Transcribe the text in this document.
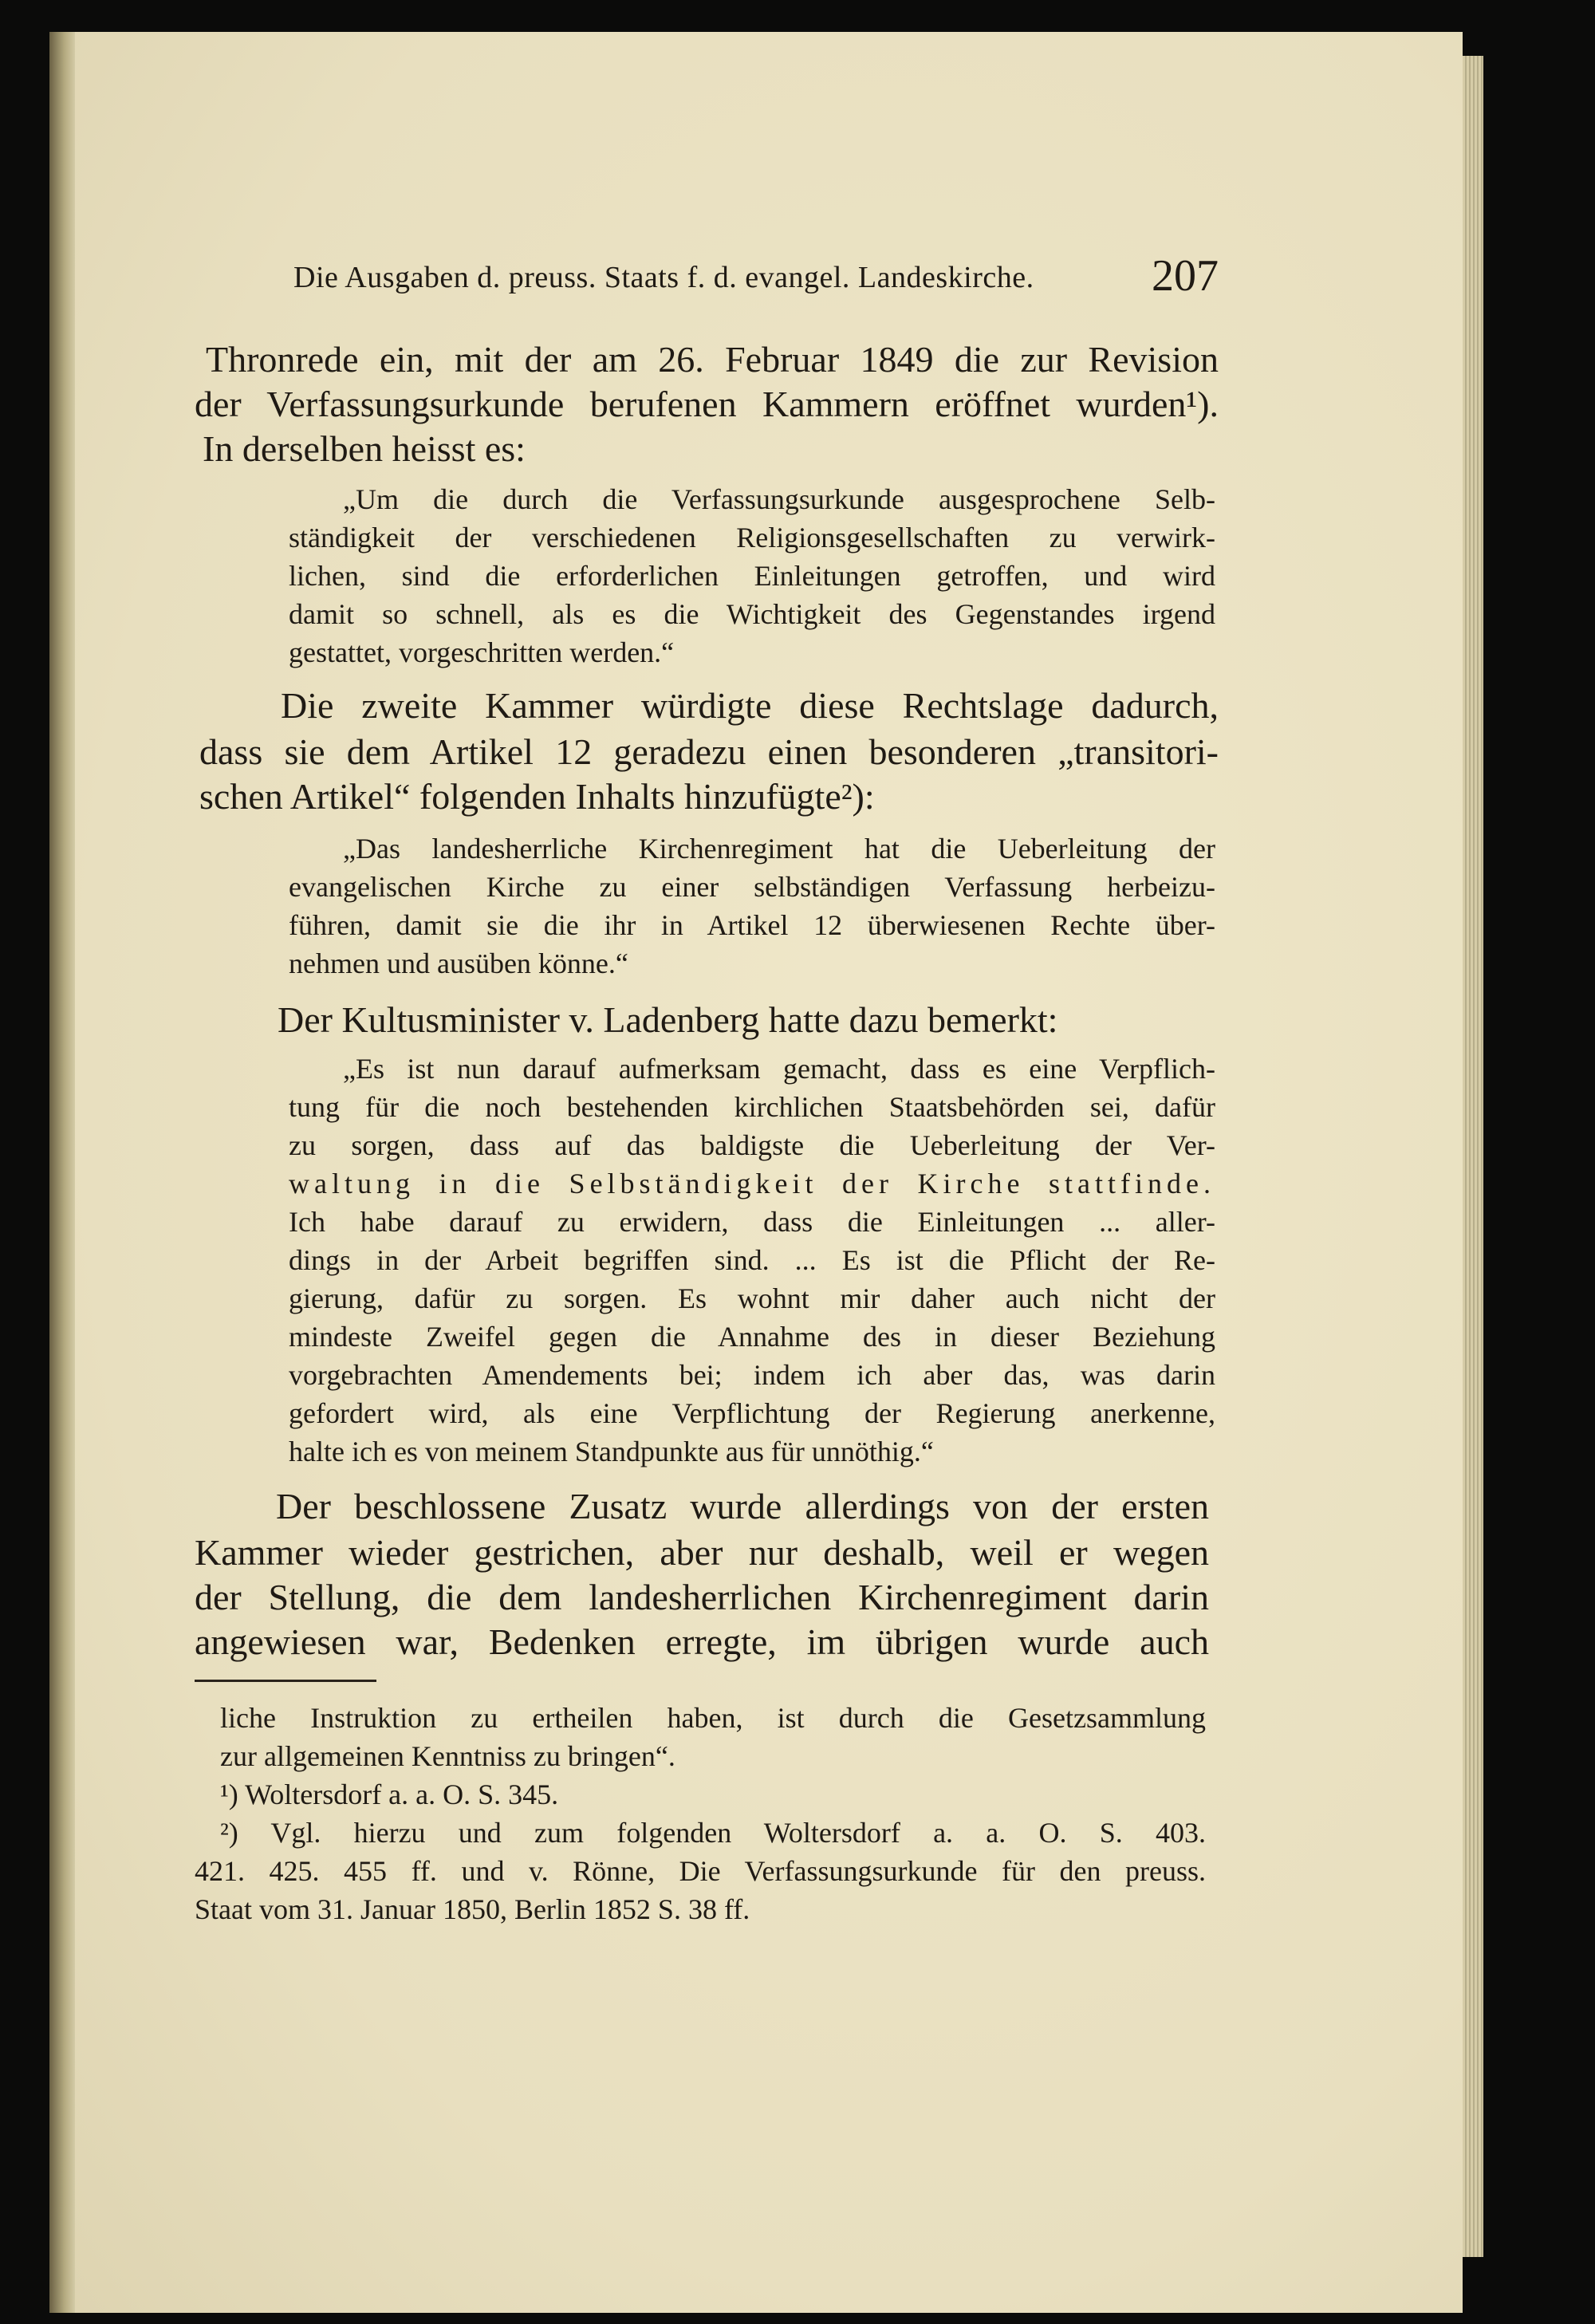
Die Ausgaben d. preuss. Staats f. d. evangel. Landeskirche.	207
Thronrede ein, mit der am 26. Februar 1849 die zur Revision
der Verfassungsurkunde berufenen Kammern eröffnet wurden¹).
In derselben heisst es:
„Um die durch die Verfassungsurkunde ausgesprochene Selb-
ständigkeit der verschiedenen Religionsgesellschaften zu verwirk-
lichen, sind die erforderlichen Einleitungen getroffen, und wird
damit so schnell, als es die Wichtigkeit des Gegenstandes irgend
gestattet, vorgeschritten werden.“
Die zweite Kammer würdigte diese Rechtslage dadurch,
dass sie dem Artikel 12 geradezu einen besonderen „transitori-
schen Artikel“ folgenden Inhalts hinzufügte²):
„Das landesherrliche Kirchenregiment hat die Ueberleitung der
evangelischen Kirche zu einer selbständigen Verfassung herbeizu-
führen, damit sie die ihr in Artikel 12 überwiesenen Rechte über-
nehmen und ausüben könne.“
Der Kultusminister v. Ladenberg hatte dazu bemerkt:
„Es ist nun darauf aufmerksam gemacht, dass es eine Verpflich-
tung für die noch bestehenden kirchlichen Staatsbehörden sei, dafür
zu sorgen, dass auf das baldigste die Ueberleitung der Ver-
waltung in die Selbständigkeit der Kirche stattfinde.
Ich habe darauf zu erwidern, dass die Einleitungen ... aller-
dings in der Arbeit begriffen sind. ... Es ist die Pflicht der Re-
gierung, dafür zu sorgen. Es wohnt mir daher auch nicht der
mindeste Zweifel gegen die Annahme des in dieser Beziehung
vorgebrachten Amendements bei; indem ich aber das, was darin
gefordert wird, als eine Verpflichtung der Regierung anerkenne,
halte ich es von meinem Standpunkte aus für unnöthig.“
Der beschlossene Zusatz wurde allerdings von der ersten
Kammer wieder gestrichen, aber nur deshalb, weil er wegen
der Stellung, die dem landesherrlichen Kirchenregiment darin
angewiesen war, Bedenken erregte, im übrigen wurde auch
liche Instruktion zu ertheilen haben, ist durch die Gesetzsammlung
zur allgemeinen Kenntniss zu bringen“.
¹) Woltersdorf a. a. O. S. 345.
²) Vgl. hierzu und zum folgenden Woltersdorf a. a. O. S. 403.
421. 425. 455 ff. und v. Rönne, Die Verfassungsurkunde für den preuss.
Staat vom 31. Januar 1850, Berlin 1852 S. 38 ff.
